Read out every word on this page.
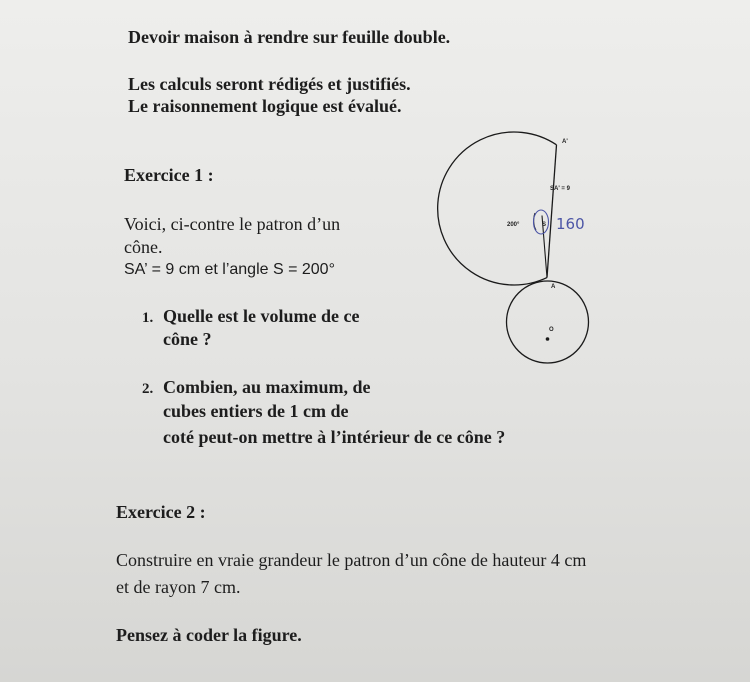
Devoir maison à rendre sur feuille double.
Les calculs seront rédigés et justifiés.
Le raisonnement logique est évalué.
Exercice 1 :
Voici, ci-contre le patron d’un
cône.
SA’ = 9 cm et l’angle S = 200°
1. Quelle est le volume de ce
cône ?
2. Combien, au maximum, de
cubes entiers de 1 cm de
coté peut-on mettre à l’intérieur de ce cône ?
A'
SA' = 9
200°	S
A
O
160
Exercice 2 :
Construire en vraie grandeur le patron d’un cône de hauteur 4 cm
et de rayon 7 cm.
Pensez à coder la figure.
